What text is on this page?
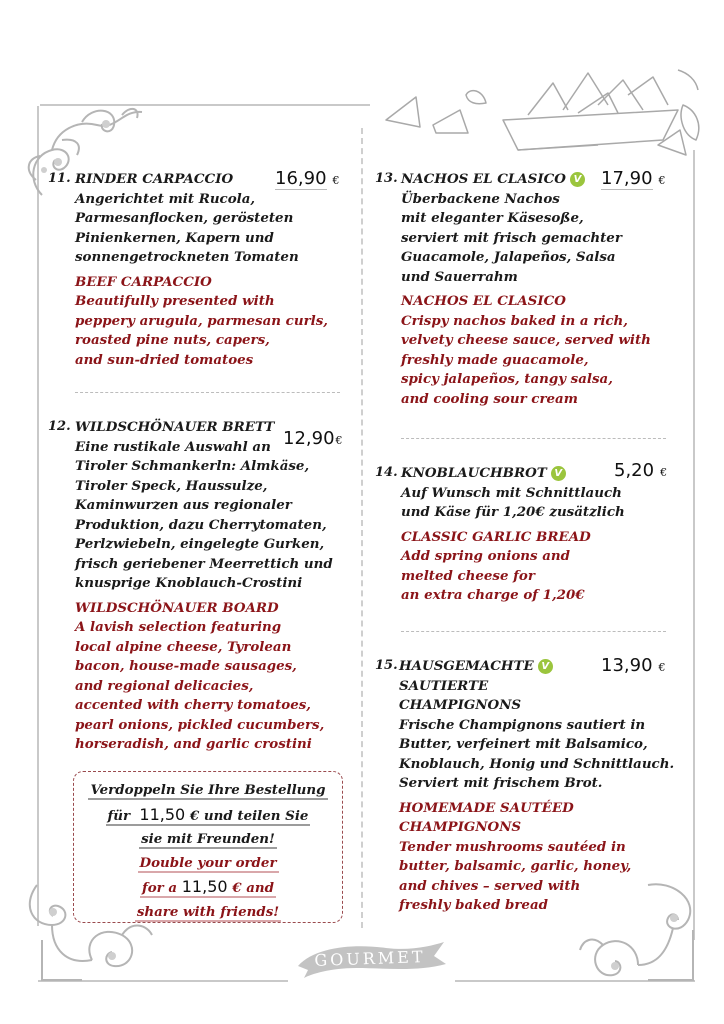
11. RINDER CARPACCIO
Angerichtet mit Rucola,
Parmesanflocken, gerösteten
Pinienkernen, Kapern und
sonnengetrockneten Tomaten
BEEF CARPACCIO
Beautifully presented with
peppery arugula, parmesan curls,
roasted pine nuts, capers,
and sun-dried tomatoes
16,90 €
12. WILDSCHÖNAUER BRETT
Eine rustikale Auswahl an
Tiroler Schmankerln: Almkäse,
Tiroler Speck, Haussulze,
Kaminwurzen aus regionaler
Produktion, dazu Cherrytomaten,
Perlzwiebeln, eingelegte Gurken,
frisch geriebener Meerrettich und
knusprige Knoblauch-Crostini
WILDSCHÖNAUER BOARD
A lavish selection featuring
local alpine cheese, Tyrolean
bacon, house-made sausages,
and regional delicacies,
accented with cherry tomatoes,
pearl onions, pickled cucumbers,
horseradish, and garlic crostini
12,90€
Verdoppeln Sie Ihre Bestellung
für 11,50 € und teilen Sie
sie mit Freunden!
Double your order
for a 11,50 € and
share with friends!
13. NACHOS EL CLASICO V
Überbackene Nachos
mit eleganter Käsesoße,
serviert mit frisch gemachter
Guacamole, Jalapeños, Salsa
und Sauerrahm
NACHOS EL CLASICO
Crispy nachos baked in a rich,
velvety cheese sauce, served with
freshly made guacamole,
spicy jalapeños, tangy salsa,
and cooling sour cream
17,90 €
14. KNOBLAUCHBROT V
Auf Wunsch mit Schnittlauch
und Käse für 1,20€ zusätzlich
CLASSIC GARLIC BREAD
Add spring onions and
melted cheese for
an extra charge of 1,20€
5,20 €
15. HAUSGEMACHTE V
SAUTIERTE
CHAMPIGNONS
Frische Champignons sautiert in
Butter, verfeinert mit Balsamico,
Knoblauch, Honig und Schnittlauch.
Serviert mit frischem Brot.
HOMEMADE SAUTÉED
CHAMPIGNONS
Tender mushrooms sautéed in
butter, balsamic, garlic, honey,
and chives – served with
freshly baked bread
13,90 €
GOURMET
